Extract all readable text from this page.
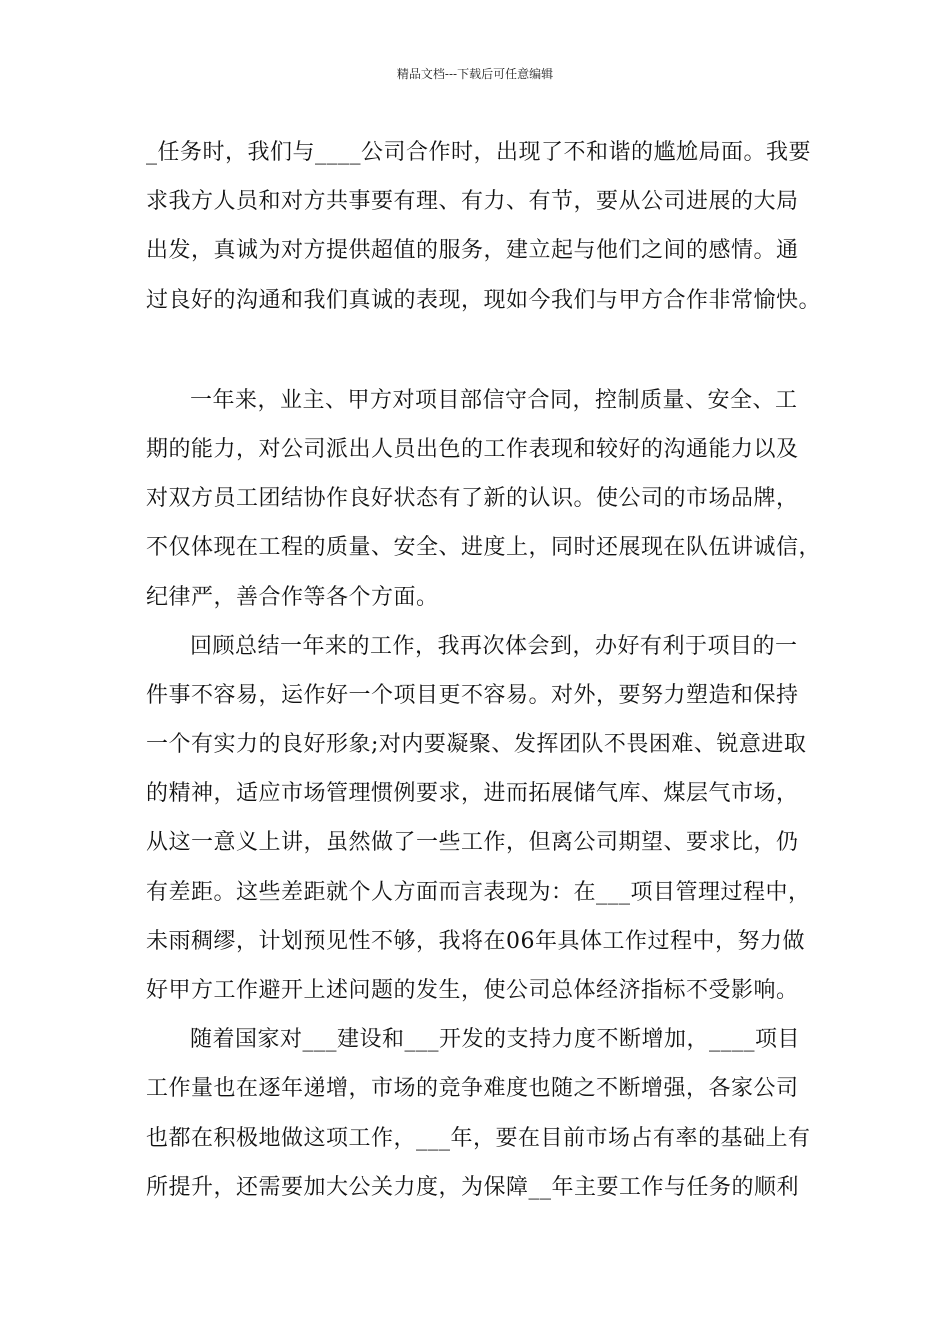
精品文档---下载后可任意编辑

_任务时，我们与____公司合作时，出现了不和谐的尴尬局面。我要
求我方人员和对方共事要有理、有力、有节，要从公司进展的大局
出发，真诚为对方提供超值的服务，建立起与他们之间的感情。通
过良好的沟通和我们真诚的表现，现如今我们与甲方合作非常愉快。

一年来，业主、甲方对项目部信守合同，控制质量、安全、工
期的能力，对公司派出人员出色的工作表现和较好的沟通能力以及
对双方员工团结协作良好状态有了新的认识。使公司的市场品牌，
不仅体现在工程的质量、安全、进度上，同时还展现在队伍讲诚信，
纪律严，善合作等各个方面。

回顾总结一年来的工作，我再次体会到，办好有利于项目的一
件事不容易，运作好一个项目更不容易。对外，要努力塑造和保持
一个有实力的良好形象;对内要凝聚、发挥团队不畏困难、锐意进取
的精神，适应市场管理惯例要求，进而拓展储气库、煤层气市场，
从这一意义上讲，虽然做了一些工作，但离公司期望、要求比，仍
有差距。这些差距就个人方面而言表现为：在___项目管理过程中，
未雨稠缪，计划预见性不够，我将在06年具体工作过程中，努力做
好甲方工作避开上述问题的发生，使公司总体经济指标不受影响。

随着国家对___建设和___开发的支持力度不断增加，____项目
工作量也在逐年递增，市场的竞争难度也随之不断增强，各家公司
也都在积极地做这项工作，___年，要在目前市场占有率的基础上有
所提升，还需要加大公关力度，为保障__年主要工作与任务的顺利
